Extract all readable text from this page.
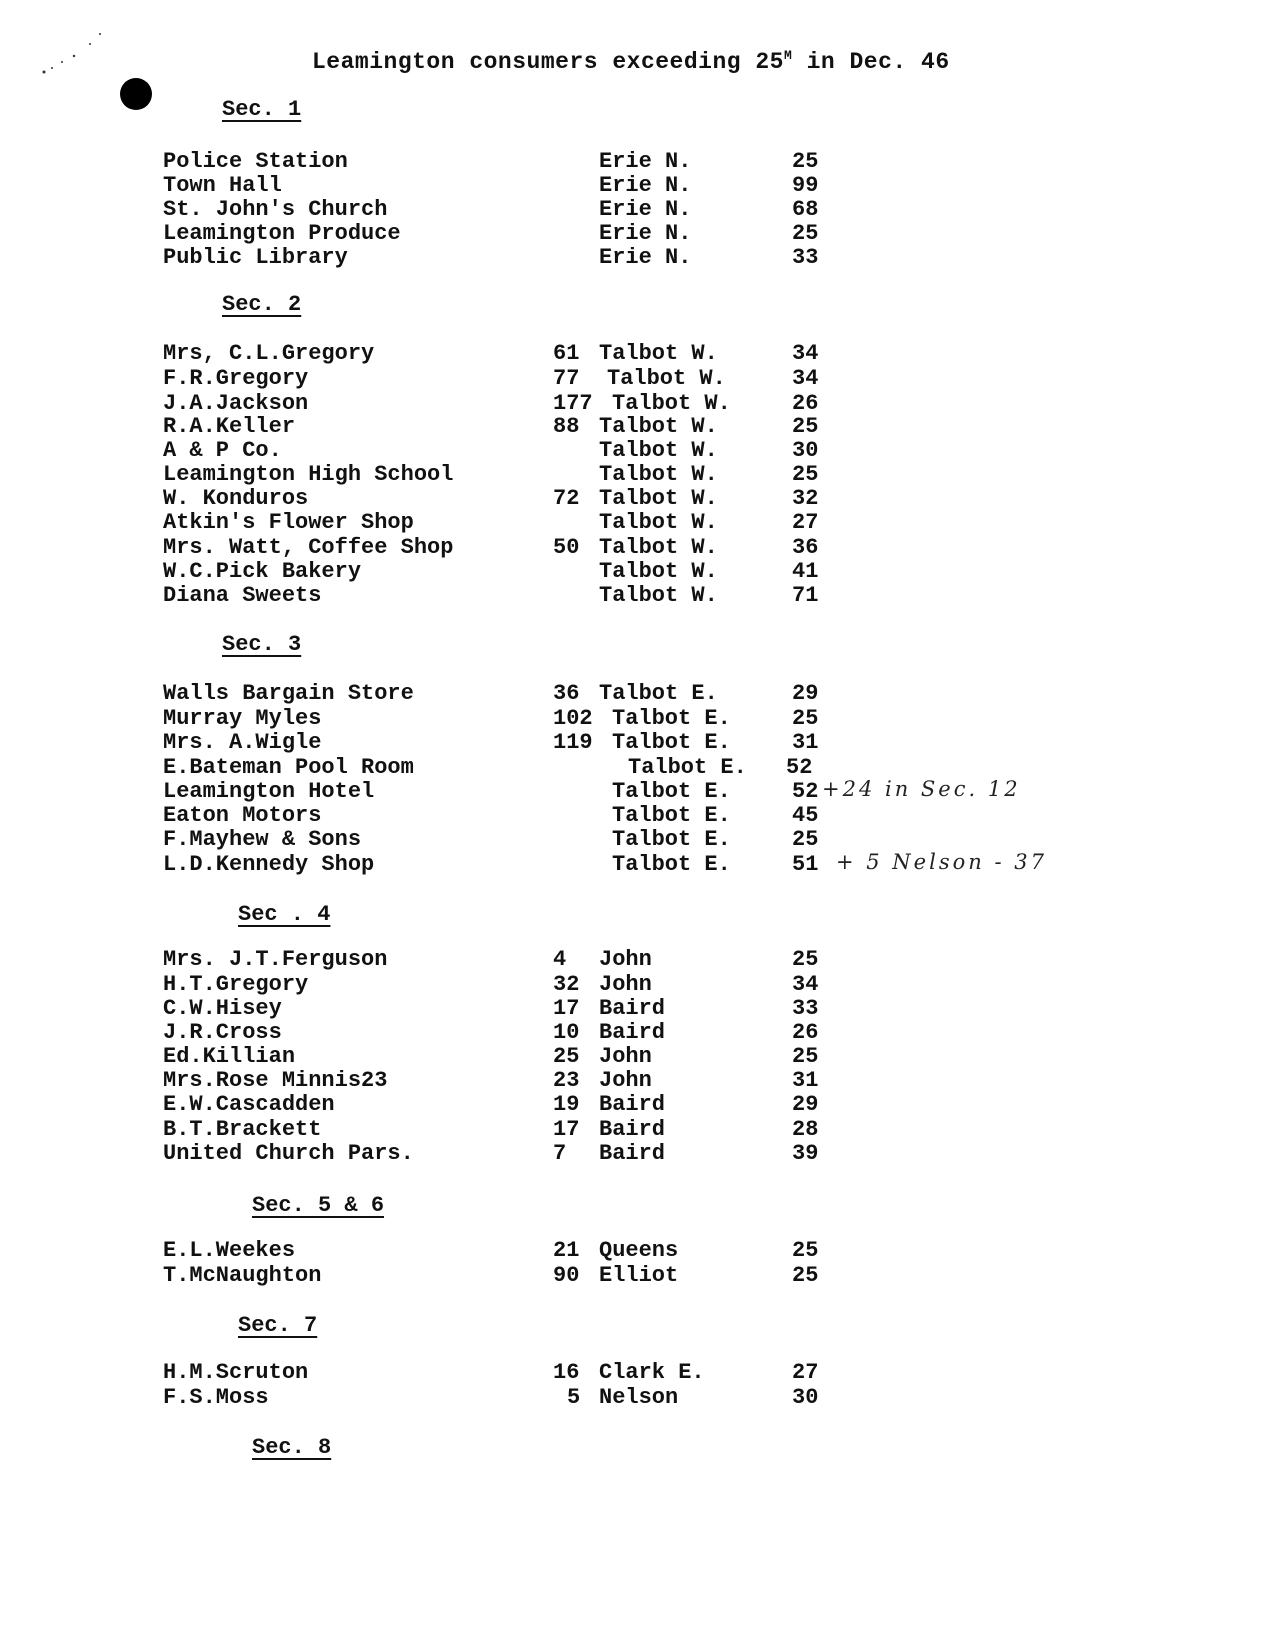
Leamington consumers exceeding $25^M$ in Dec. 46
Sec. 1
Police Station	Erie N.	25
Town Hall	Erie N.	99
St. John's Church	Erie N.	68
Leamington Produce	Erie N.	25
Public Library	Erie N.	33
Sec. 2
Mrs, C.L.Gregory	61 Talbot W.	34
F.R.Gregory	77 Talbot W.	34
J.A.Jackson	177 Talbot W.	26
R.A.Keller	88 Talbot W.	25
A & P Co.	Talbot W.	30
Leamington High School	Talbot W.	25
W. Konduros	72 Talbot W.	32
Atkin's Flower Shop	Talbot W.	27
Mrs. Watt, Coffee Shop	50 Talbot W.	36
W.C.Pick Bakery	Talbot W.	41
Diana Sweets	Talbot W.	71
Sec. 3
Walls Bargain Store	36 Talbot E.	29
Murray Myles	102 Talbot E.	25
Mrs. A.Wigle	119 Talbot E.	31
E.Bateman Pool Room	Talbot E. 52
Leamington Hotel	Talbot E.	52
Eaton Motors	Talbot E.	45
F.Mayhew & Sons	Talbot E.	25
L.D.Kennedy Shop	Talbot E.	51
Sec . 4
Mrs. J.T.Ferguson	4 John	25
H.T.Gregory	32 John	34
C.W.Hisey	17 Baird	33
J.R.Cross	10 Baird	26
Ed.Killian	25 John	25
Mrs.Rose Minnis23	23 John	31
E.W.Cascadden	19 Baird	29
B.T.Brackett	17 Baird	28
United Church Pars.	7 Baird	39
Sec. 5 & 6
E.L.Weekes	21 Queens	25
T.McNaughton	90 Elliot	25
Sec. 7
H.M.Scruton	16 Clark E.	27
F.S.Moss	5 Nelson	30
Sec. 8
+24 in Sec. 12
+ 5 Nelson - 37
